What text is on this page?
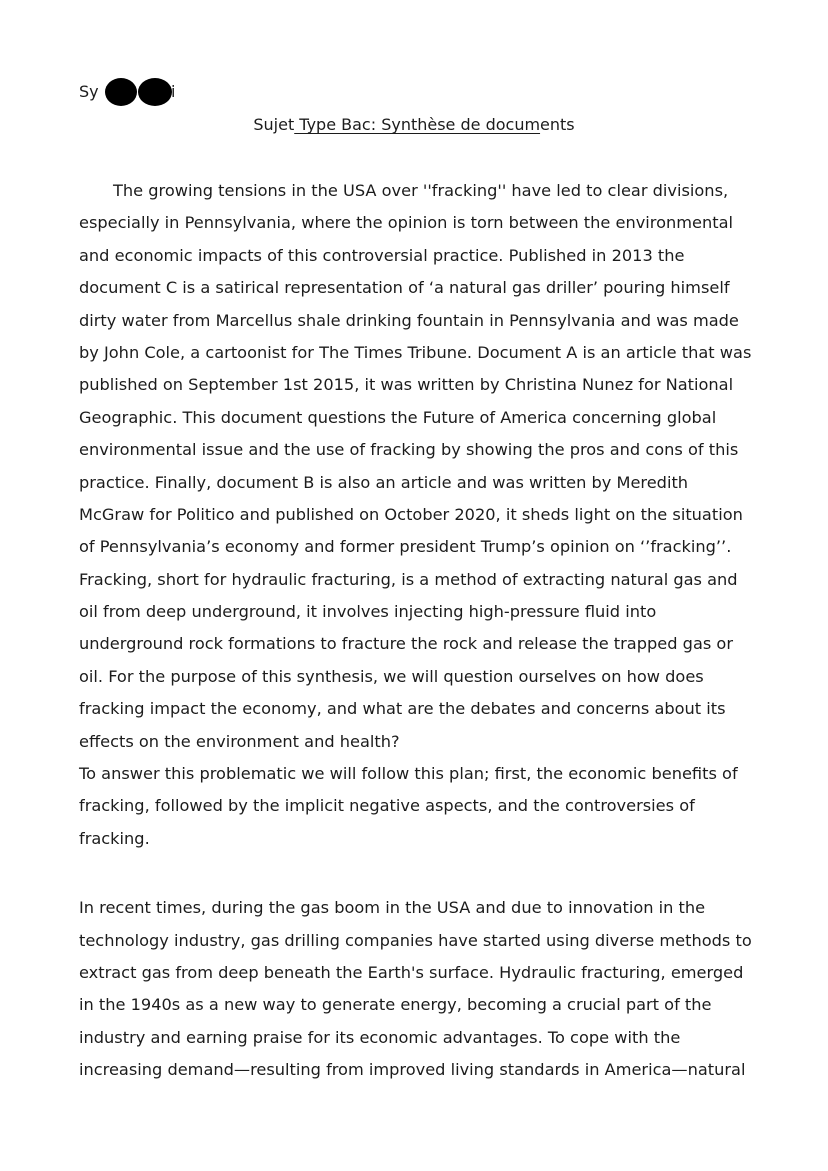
Sy	i
Sujet Type Bac: Synthèse de documents
The growing tensions in the USA over ''fracking'' have led to clear divisions,
especially in Pennsylvania, where the opinion is torn between the environmental
and economic impacts of this controversial practice. Published in 2013 the
document C is a satirical representation of ‘a natural gas driller’ pouring himself
dirty water from Marcellus shale drinking fountain in Pennsylvania and was made
by John Cole, a cartoonist for The Times Tribune. Document A is an article that was
published on September 1st 2015, it was written by Christina Nunez for National
Geographic. This document questions the Future of America concerning global
environmental issue and the use of fracking by showing the pros and cons of this
practice. Finally, document B is also an article and was written by Meredith
McGraw for Politico and published on October 2020, it sheds light on the situation
of Pennsylvania’s economy and former president Trump’s opinion on ‘’fracking’’.
Fracking, short for hydraulic fracturing, is a method of extracting natural gas and
oil from deep underground, it involves injecting high-pressure fluid into
underground rock formations to fracture the rock and release the trapped gas or
oil. For the purpose of this synthesis, we will question ourselves on how does
fracking impact the economy, and what are the debates and concerns about its
effects on the environment and health?
To answer this problematic we will follow this plan; first, the economic benefits of
fracking, followed by the implicit negative aspects, and the controversies of
fracking.
In recent times, during the gas boom in the USA and due to innovation in the
technology industry, gas drilling companies have started using diverse methods to
extract gas from deep beneath the Earth's surface. Hydraulic fracturing, emerged
in the 1940s as a new way to generate energy, becoming a crucial part of the
industry and earning praise for its economic advantages. To cope with the
increasing demand—resulting from improved living standards in America—natural
